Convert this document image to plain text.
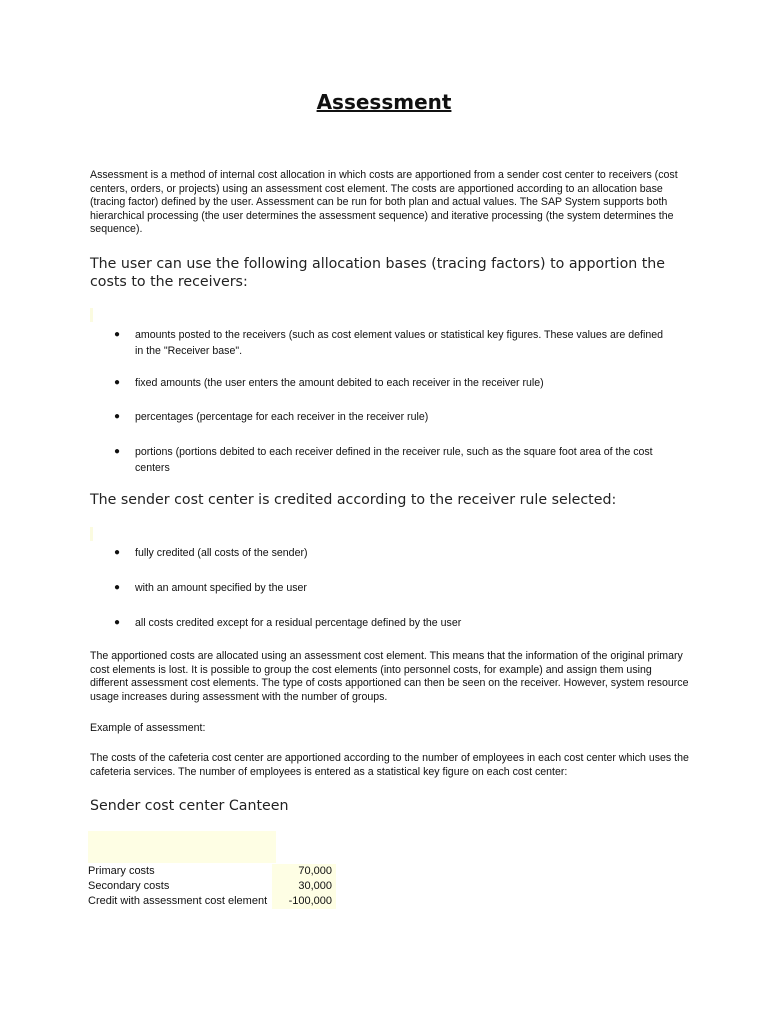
Assessment
Assessment is a method of internal cost allocation in which costs are apportioned from a sender cost center to receivers (cost centers, orders, or projects) using an assessment cost element. The costs are apportioned according to an allocation base (tracing factor) defined by the user. Assessment can be run for both plan and actual values. The SAP System supports both hierarchical processing (the user determines the assessment sequence) and iterative processing (the system determines the sequence).
The user can use the following allocation bases (tracing factors) to apportion the costs to the receivers:
● amounts posted to the receivers (such as cost element values or statistical key figures. These values are defined in the "Receiver base".
● fixed amounts (the user enters the amount debited to each receiver in the receiver rule)
● percentages (percentage for each receiver in the receiver rule)
● portions (portions debited to each receiver defined in the receiver rule, such as the square foot area of the cost centers
The sender cost center is credited according to the receiver rule selected:
● fully credited (all costs of the sender)
● with an amount specified by the user
● all costs credited except for a residual percentage defined by the user
The apportioned costs are allocated using an assessment cost element. This means that the information of the original primary cost elements is lost. It is possible to group the cost elements (into personnel costs, for example) and assign them using different assessment cost elements. The type of costs apportioned can then be seen on the receiver. However, system resource usage increases during assessment with the number of groups.
Example of assessment:
The costs of the cafeteria cost center are apportioned according to the number of employees in each cost center which uses the cafeteria services. The number of employees is entered as a statistical key figure on each cost center:
Sender cost center Canteen
Primary costs	70,000
Secondary costs	30,000
Credit with assessment cost element	-100,000
